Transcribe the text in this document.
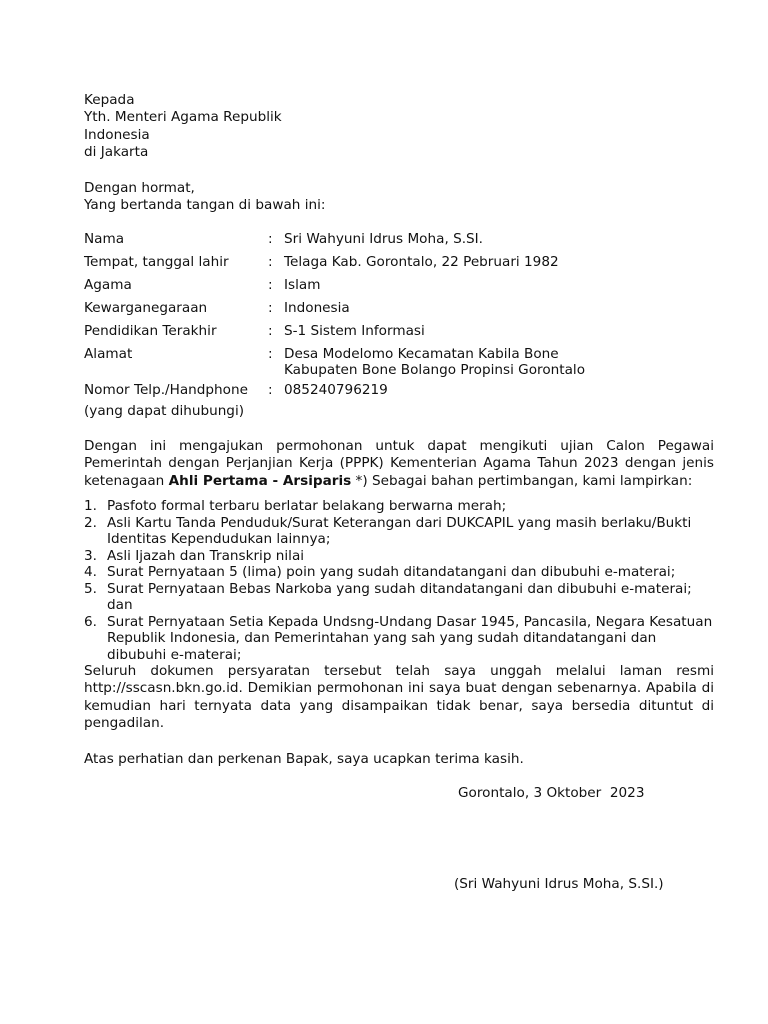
Kepada
Yth. Menteri Agama Republik
Indonesia
di Jakarta
Dengan hormat,
Yang bertanda tangan di bawah ini:
Nama	: Sri Wahyuni Idrus Moha, S.SI.
Tempat, tanggal lahir	: Telaga Kab. Gorontalo, 22 Pebruari 1982
Agama	: Islam
Kewarganegaraan	: Indonesia
Pendidikan Terakhir	: S-1 Sistem Informasi
Alamat	: Desa Modelomo Kecamatan Kabila Bone
Kabupaten Bone Bolango Propinsi Gorontalo
Nomor Telp./Handphone	: 085240796219
(yang dapat dihubungi)

Dengan ini mengajukan permohonan untuk dapat mengikuti ujian Calon Pegawai Pemerintah dengan Perjanjian Kerja (PPPK) Kementerian Agama Tahun 2023 dengan jenis ketenagaan Ahli Pertama - Arsiparis *) Sebagai bahan pertimbangan, kami lampirkan:

1. Pasfoto formal terbaru berlatar belakang berwarna merah;
2. Asli Kartu Tanda Penduduk/Surat Keterangan dari DUKCAPIL yang masih berlaku/Bukti Identitas Kependudukan lainnya;
3. Asli Ijazah dan Transkrip nilai
4. Surat Pernyataan 5 (lima) poin yang sudah ditandatangani dan dibubuhi e-materai;
5. Surat Pernyataan Bebas Narkoba yang sudah ditandatangani dan dibubuhi e-materai; dan
6. Surat Pernyataan Setia Kepada Undsng-Undang Dasar 1945, Pancasila, Negara Kesatuan Republik Indonesia, dan Pemerintahan yang sah yang sudah ditandatangani dan dibubuhi e-materai;

Seluruh dokumen persyaratan tersebut telah saya unggah melalui laman resmi http://sscasn.bkn.go.id. Demikian permohonan ini saya buat dengan sebenarnya. Apabila di kemudian hari ternyata data yang disampaikan tidak benar, saya bersedia dituntut di pengadilan.

Atas perhatian dan perkenan Bapak, saya ucapkan terima kasih.
Gorontalo, 3 Oktober  2023
(Sri Wahyuni Idrus Moha, S.SI.)
